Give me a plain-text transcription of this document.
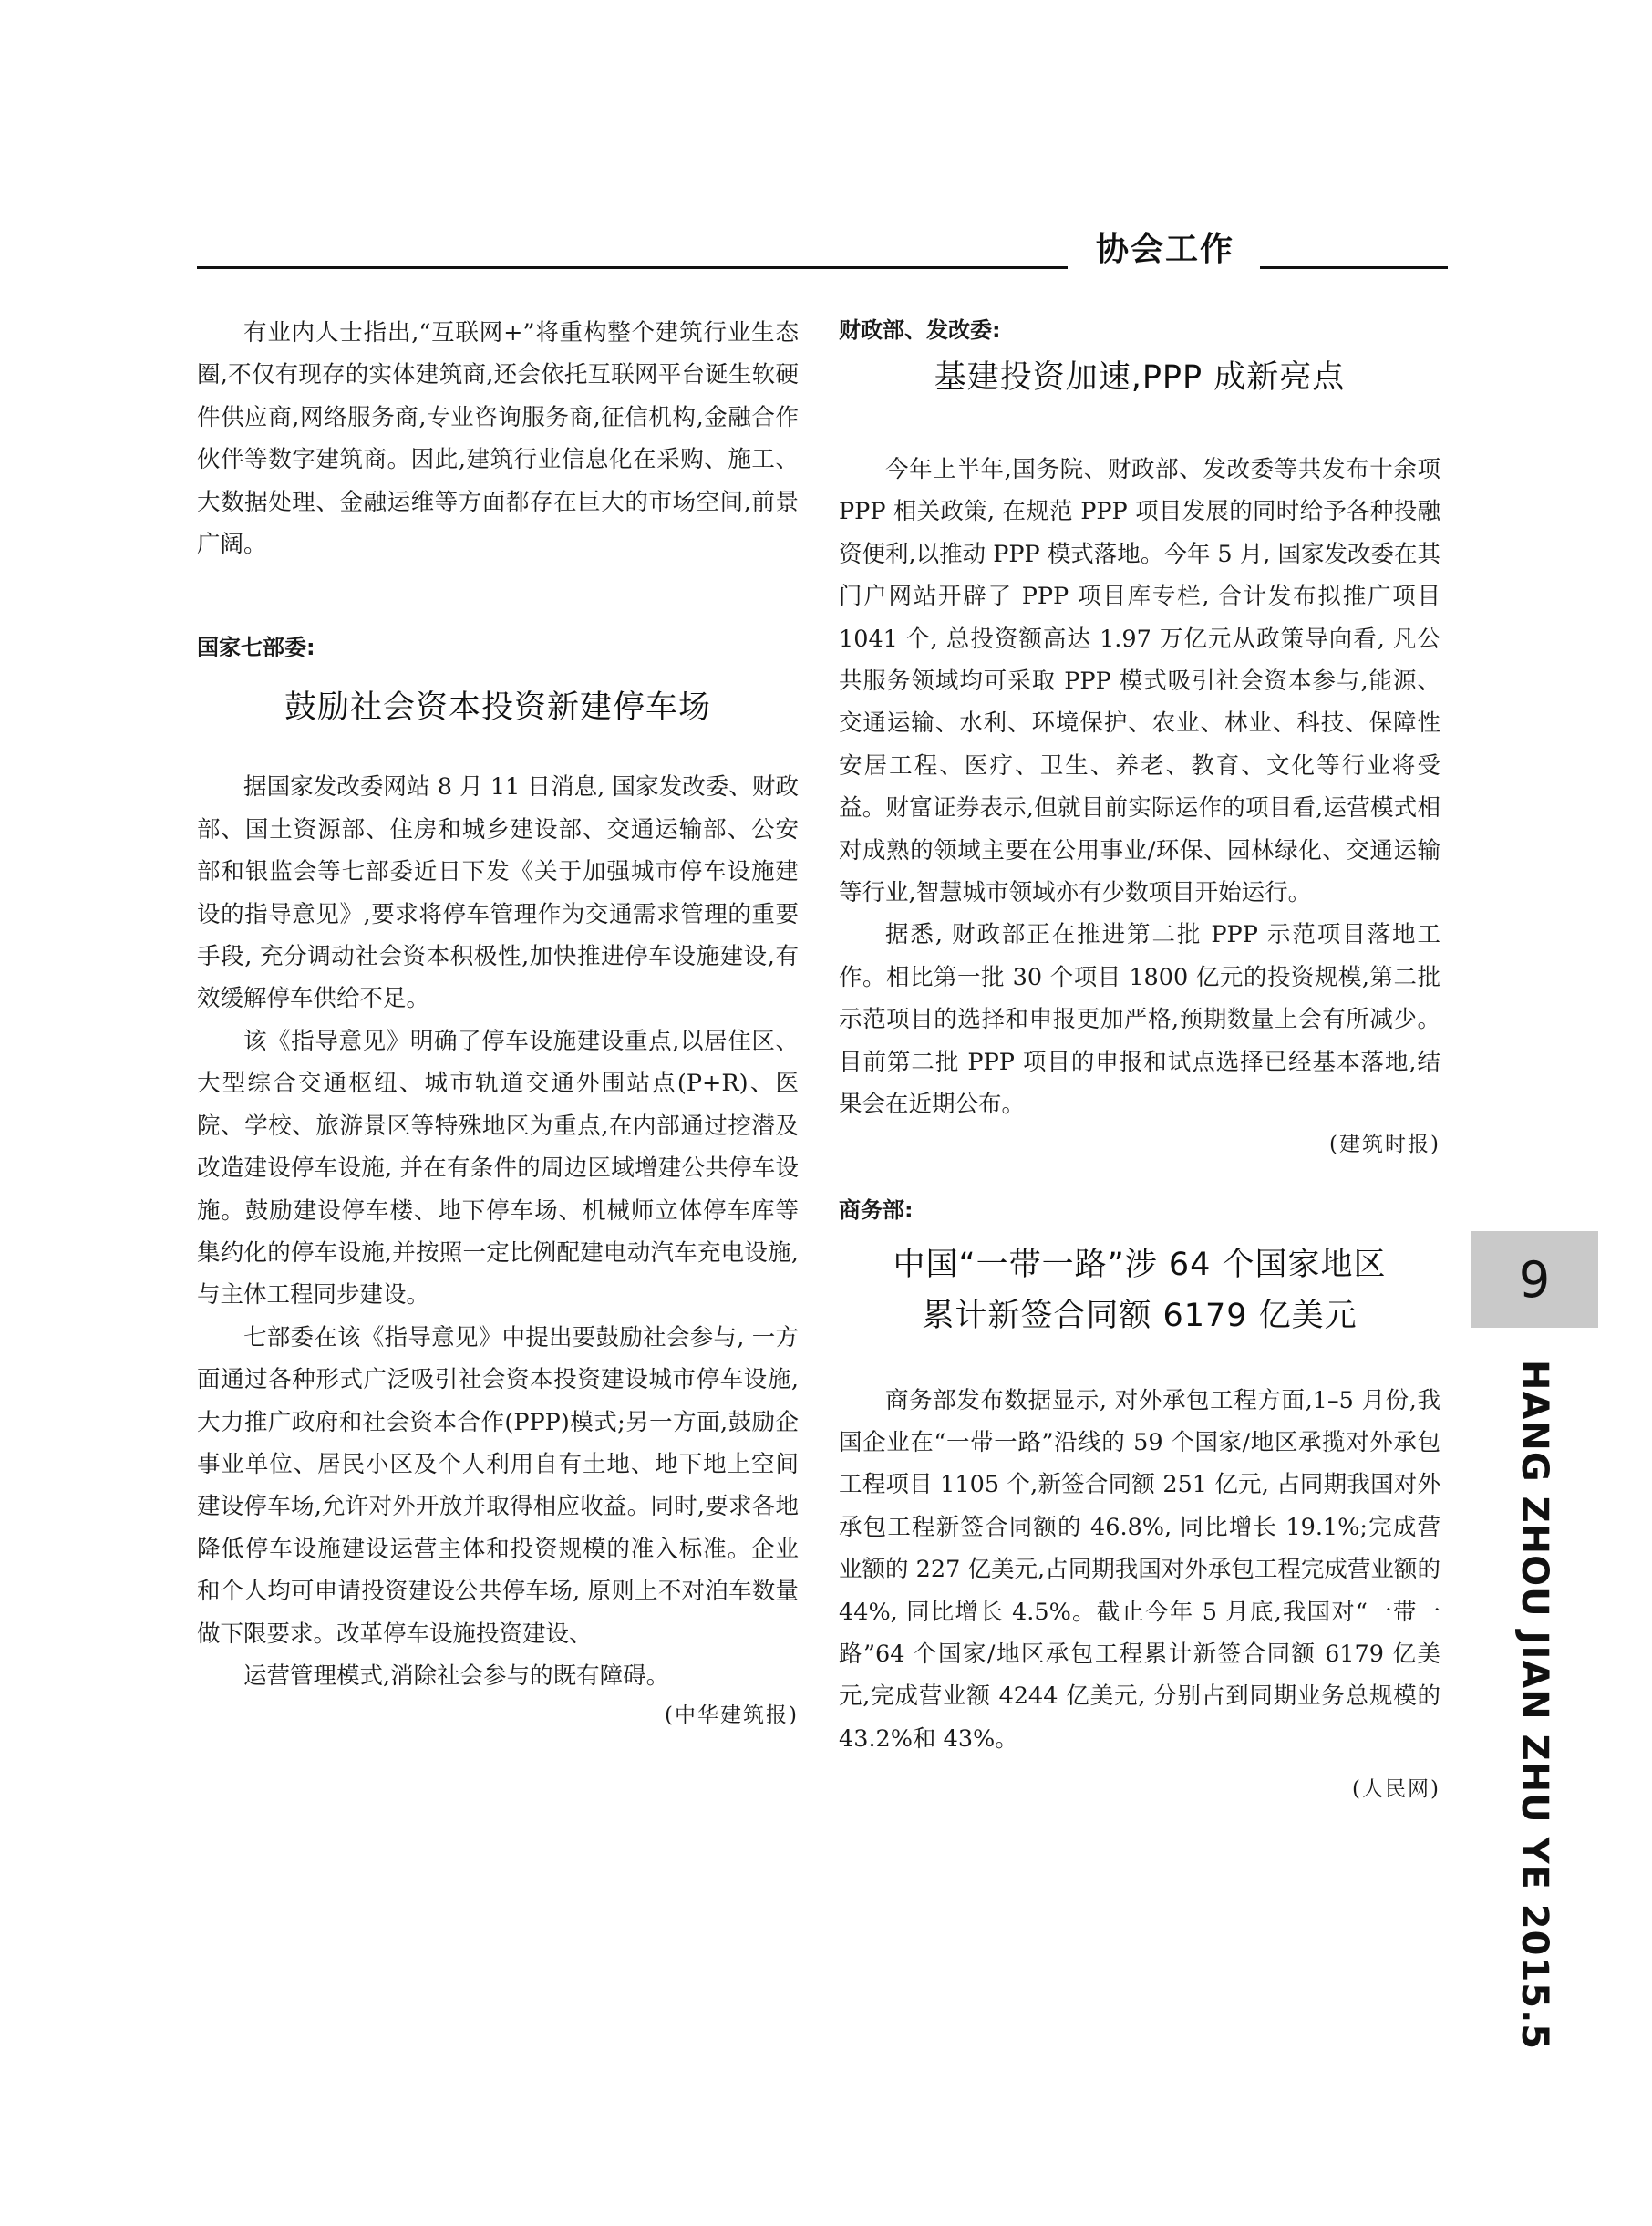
协会工作

有业内人士指出,“互联网+”将重构整个建筑行业生态圈,不仅有现存的实体建筑商,还会依托互联网平台诞生软硬件供应商,网络服务商,专业咨询服务商,征信机构,金融合作伙伴等数字建筑商。因此,建筑行业信息化在采购、施工、大数据处理、金融运维等方面都存在巨大的市场空间,前景广阔。

国家七部委:
鼓励社会资本投资新建停车场

据国家发改委网站 8 月 11 日消息, 国家发改委、财政部、国土资源部、住房和城乡建设部、交通运输部、公安部和银监会等七部委近日下发《关于加强城市停车设施建设的指导意见》,要求将停车管理作为交通需求管理的重要手段, 充分调动社会资本积极性,加快推进停车设施建设,有效缓解停车供给不足。

该《指导意见》明确了停车设施建设重点,以居住区、大型综合交通枢纽、城市轨道交通外围站点(P+R)、医院、学校、旅游景区等特殊地区为重点,在内部通过挖潜及改造建设停车设施, 并在有条件的周边区域增建公共停车设施。鼓励建设停车楼、地下停车场、机械师立体停车库等集约化的停车设施,并按照一定比例配建电动汽车充电设施, 与主体工程同步建设。

七部委在该《指导意见》中提出要鼓励社会参与, 一方面通过各种形式广泛吸引社会资本投资建设城市停车设施, 大力推广政府和社会资本合作(PPP)模式;另一方面,鼓励企事业单位、居民小区及个人利用自有土地、地下地上空间建设停车场,允许对外开放并取得相应收益。同时,要求各地降低停车设施建设运营主体和投资规模的准入标准。企业和个人均可申请投资建设公共停车场, 原则上不对泊车数量做下限要求。改革停车设施投资建设、

运营管理模式,消除社会参与的既有障碍。

(中华建筑报)
财政部、发改委:
基建投资加速,PPP 成新亮点

今年上半年,国务院、财政部、发改委等共发布十余项 PPP 相关政策, 在规范 PPP 项目发展的同时给予各种投融资便利,以推动 PPP 模式落地。今年 5 月, 国家发改委在其门户网站开辟了 PPP 项目库专栏, 合计发布拟推广项目 1041 个, 总投资额高达 1.97 万亿元从政策导向看, 凡公共服务领域均可采取 PPP 模式吸引社会资本参与,能源、交通运输、水利、环境保护、农业、林业、科技、保障性安居工程、医疗、卫生、养老、教育、文化等行业将受益。财富证券表示,但就目前实际运作的项目看,运营模式相对成熟的领域主要在公用事业/环保、园林绿化、交通运输等行业,智慧城市领域亦有少数项目开始运行。

据悉, 财政部正在推进第二批 PPP 示范项目落地工作。相比第一批 30 个项目 1800 亿元的投资规模,第二批示范项目的选择和申报更加严格,预期数量上会有所减少。目前第二批 PPP 项目的申报和试点选择已经基本落地,结果会在近期公布。

(建筑时报)
商务部:
中国“一带一路”涉 64 个国家地区
累计新签合同额 6179 亿美元

商务部发布数据显示, 对外承包工程方面,1–5 月份,我国企业在“一带一路”沿线的 59 个国家/地区承揽对外承包工程项目 1105 个,新签合同额 251 亿元, 占同期我国对外承包工程新签合同额的 46.8%, 同比增长 19.1%;完成营业额的 227 亿美元,占同期我国对外承包工程完成营业额的 44%, 同比增长 4.5%。截止今年 5 月底,我国对“一带一路”64 个国家/地区承包工程累计新签合同额 6179 亿美元,完成营业额 4244 亿美元, 分别占到同期业务总规模的 43.2%和 43%。

(人民网)
9
HANG ZHOU JIAN ZHU YE 2015.5
